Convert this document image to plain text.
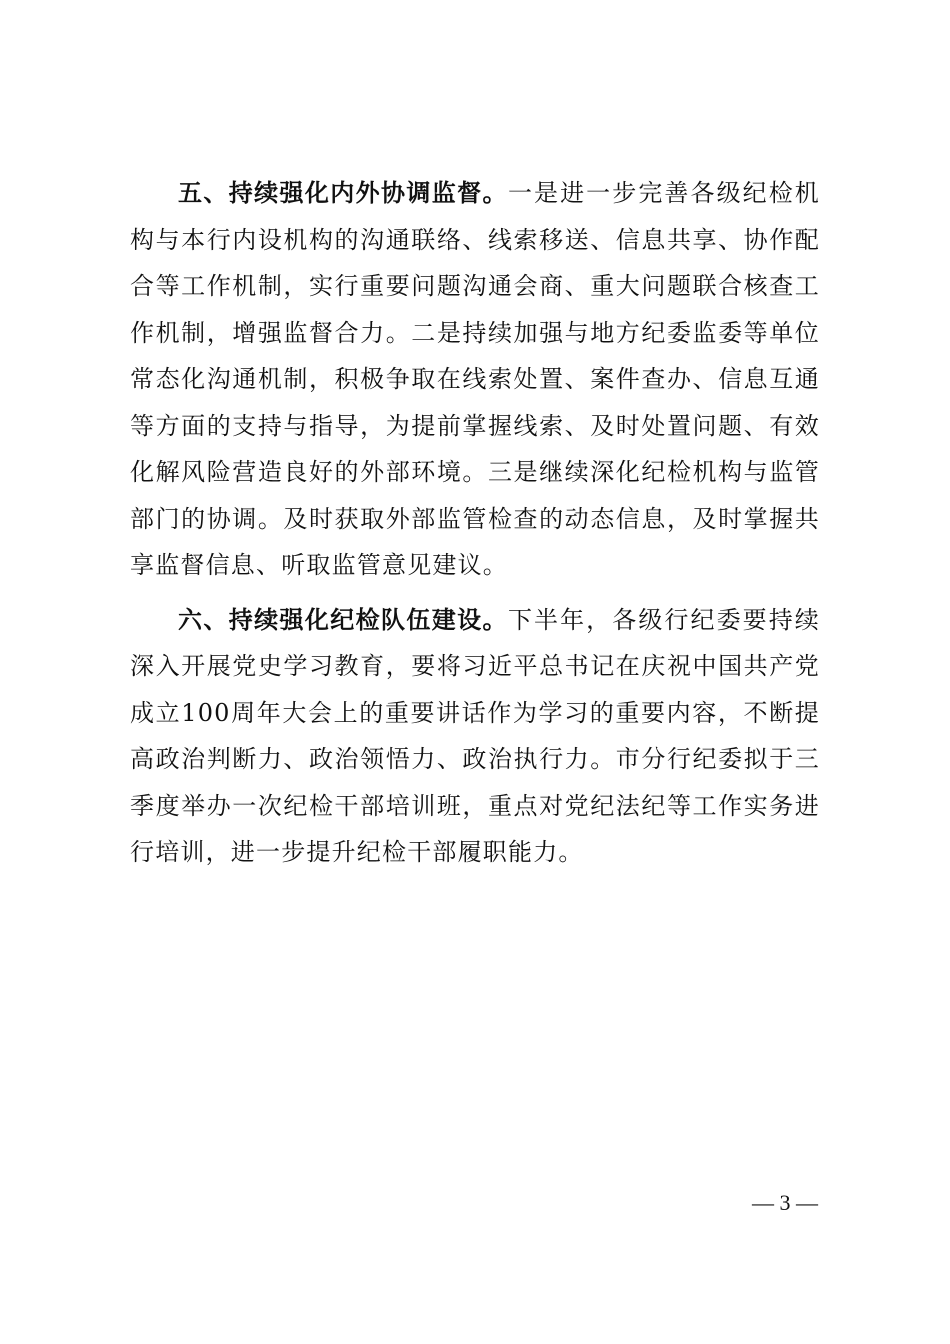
五、持续强化内外协调监督。一是进一步完善各级纪检机构与本行内设机构的沟通联络、线索移送、信息共享、协作配合等工作机制，实行重要问题沟通会商、重大问题联合核查工作机制，增强监督合力。二是持续加强与地方纪委监委等单位常态化沟通机制，积极争取在线索处置、案件查办、信息互通等方面的支持与指导，为提前掌握线索、及时处置问题、有效化解风险营造良好的外部环境。三是继续深化纪检机构与监管部门的协调。及时获取外部监管检查的动态信息，及时掌握共享监督信息、听取监管意见建议。

六、持续强化纪检队伍建设。下半年，各级行纪委要持续深入开展党史学习教育，要将习近平总书记在庆祝中国共产党成立100周年大会上的重要讲话作为学习的重要内容，不断提高政治判断力、政治领悟力、政治执行力。市分行纪委拟于三季度举办一次纪检干部培训班，重点对党纪法纪等工作实务进行培训，进一步提升纪检干部履职能力。

— 3 —
